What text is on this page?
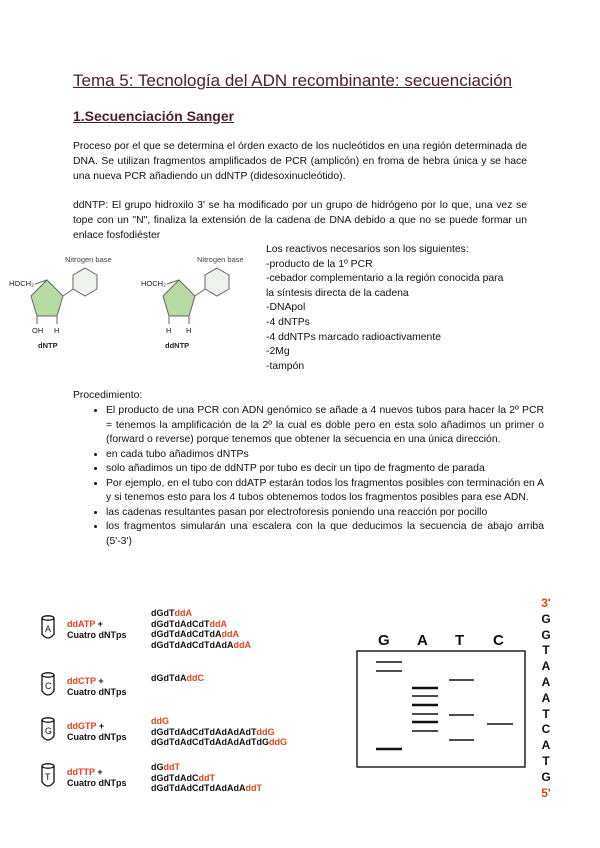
Tema 5: Tecnología del ADN recombinante: secuenciación
1.Secuenciación Sanger
Proceso por el que se determina el órden exacto de los nucleótidos en una región determinada de DNA. Se utilizan fragmentos amplificados de PCR (amplicón) en froma de hebra única y se hace una nueva PCR añadiendo un ddNTP (didesoxinucleótido).
ddNTP: El grupo hidroxilo 3' se ha modificado por un grupo de hidrógeno por lo que, una vez se tope con un "N", finaliza la extensión de la cadena de DNA debido a que no se puede formar un enlace fosfodiéster
Nitrogen base
HOCH₂
OH H
dNTP
Nitrogen base
HOCH₂
H H
ddNTP
Los reactivos necesarios son los siguientes:
-producto de la 1º PCR
-cebador complementario a la región conocida para
la síntesis directa de la cadena
-DNApol
-4 dNTPs
-4 ddNTPs marcado radioactivamente
-2Mg
-tampón
Procedimiento:
• El producto de una PCR con ADN genómico se añade a 4 nuevos tubos para hacer la 2º PCR = tenemos la amplificación de la 2º la cual es doble pero en esta solo añadimos un primer o (forward o reverse) porque tenemos que obtener la secuencia en una única dirección.
• en cada tubo añadimos dNTPs
• solo añadimos un tipo de ddNTP por tubo es decir un tipo de fragmento de parada
• Por ejemplo, en el tubo con ddATP estarán todos los fragmentos posibles con terminación en A y si tenemos esto para los 4 tubos obtenemos todos los fragmentos posibles para ese ADN.
• las cadenas resultantes pasan por electroforesis poniendo una reacción por pocillo
• los fragmentos simularán una escalera con la que deducimos la secuencia de abajo arriba (5'-3')
A ddATP +
Cuatro dNTps
C ddCTP +
Cuatro dNTps
G ddGTP +
Cuatro dNTps
T ddTTP +
Cuatro dNTps
dGdTddA
dGdTdAdCdTddA
dGdTdAdCdTdAddA
dGdTdAdCdTdAdAddA
dGdTdAddC
ddG
dGdTdAdCdTdAdAdAdTddG
dGdTdAdCdTdAdAdAdTdGddG
dGddT
dGdTdAdCddT
dGdTdAdCdTdAdAdAddT
G A T C
3'
G
G
T
A
A
A
T
C
A
T
G
5'
